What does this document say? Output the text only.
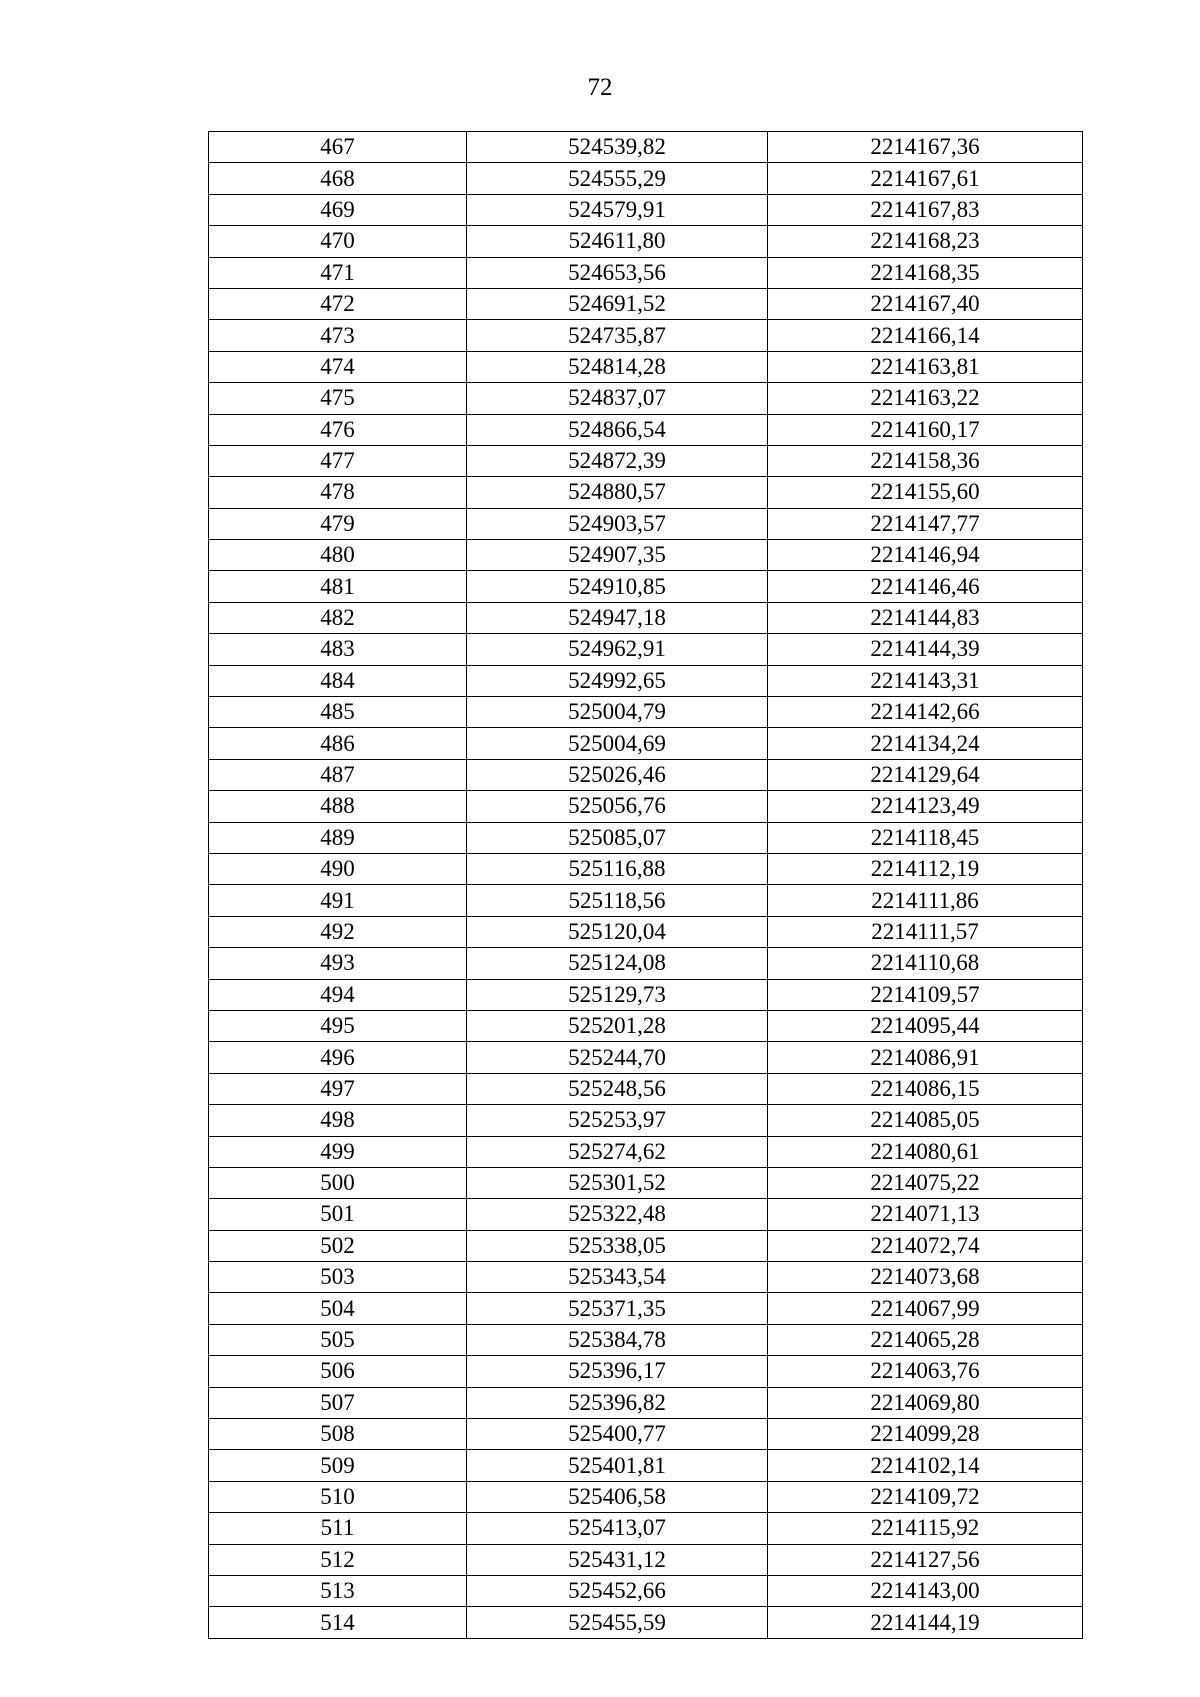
72
467	524539,82	2214167,36
468	524555,29	2214167,61
469	524579,91	2214167,83
470	524611,80	2214168,23
471	524653,56	2214168,35
472	524691,52	2214167,40
473	524735,87	2214166,14
474	524814,28	2214163,81
475	524837,07	2214163,22
476	524866,54	2214160,17
477	524872,39	2214158,36
478	524880,57	2214155,60
479	524903,57	2214147,77
480	524907,35	2214146,94
481	524910,85	2214146,46
482	524947,18	2214144,83
483	524962,91	2214144,39
484	524992,65	2214143,31
485	525004,79	2214142,66
486	525004,69	2214134,24
487	525026,46	2214129,64
488	525056,76	2214123,49
489	525085,07	2214118,45
490	525116,88	2214112,19
491	525118,56	2214111,86
492	525120,04	2214111,57
493	525124,08	2214110,68
494	525129,73	2214109,57
495	525201,28	2214095,44
496	525244,70	2214086,91
497	525248,56	2214086,15
498	525253,97	2214085,05
499	525274,62	2214080,61
500	525301,52	2214075,22
501	525322,48	2214071,13
502	525338,05	2214072,74
503	525343,54	2214073,68
504	525371,35	2214067,99
505	525384,78	2214065,28
506	525396,17	2214063,76
507	525396,82	2214069,80
508	525400,77	2214099,28
509	525401,81	2214102,14
510	525406,58	2214109,72
511	525413,07	2214115,92
512	525431,12	2214127,56
513	525452,66	2214143,00
514	525455,59	2214144,19
